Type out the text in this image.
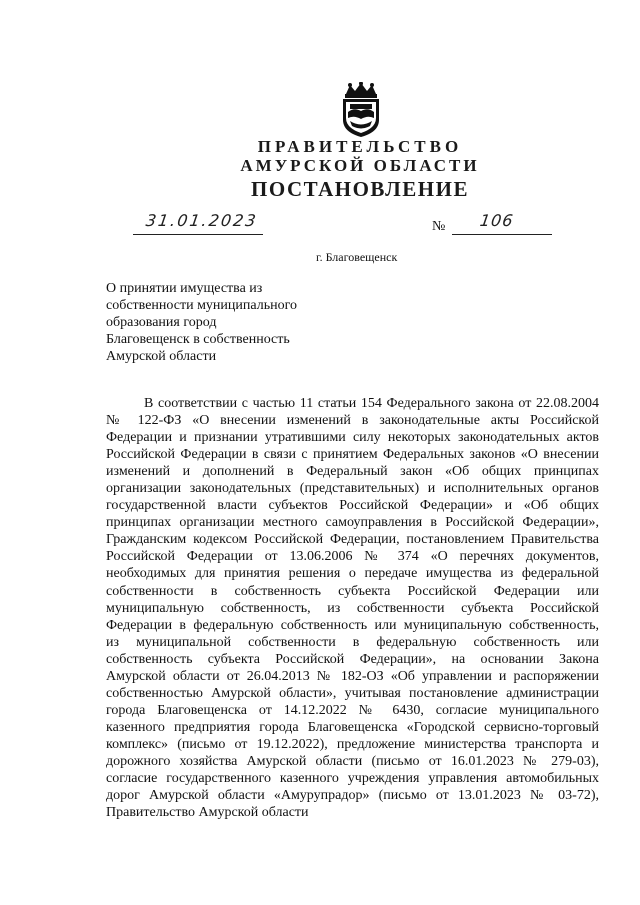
ПРАВИТЕЛЬСТВО
АМУРСКОЙ ОБЛАСТИ
ПОСТАНОВЛЕНИЕ
31.01.2023	№ 106
г. Благовещенск
О принятии имущества из
собственности муниципального
образования город
Благовещенск в собственность
Амурской области
В соответствии с частью 11 статьи 154 Федерального закона от 22.08.2004
№ 122-ФЗ «О внесении изменений в законодательные акты Российской
Федерации и признании утратившими силу некоторых законодательных актов
Российской Федерации в связи с принятием Федеральных законов «О внесении
изменений и дополнений в Федеральный закон «Об общих принципах
организации законодательных (представительных) и исполнительных органов
государственной власти субъектов Российской Федерации» и «Об общих
принципах организации местного самоуправления в Российской Федерации»,
Гражданским кодексом Российской Федерации, постановлением Правительства
Российской Федерации от 13.06.2006 № 374 «О перечнях документов,
необходимых для принятия решения о передаче имущества из федеральной
собственности в собственность субъекта Российской Федерации или
муниципальную собственность, из собственности субъекта Российской
Федерации в федеральную собственность или муниципальную собственность,
из муниципальной собственности в федеральную собственность или
собственность субъекта Российской Федерации», на основании Закона
Амурской области от 26.04.2013 № 182-ОЗ «Об управлении и распоряжении
собственностью Амурской области», учитывая постановление администрации
города Благовещенска от 14.12.2022 № 6430, согласие муниципального
казенного предприятия города Благовещенска «Городской сервисно-торговый
комплекс» (письмо от 19.12.2022), предложение министерства транспорта и
дорожного хозяйства Амурской области (письмо от 16.01.2023 № 279-03),
согласие государственного казенного учреждения управления автомобильных
дорог Амурской области «Амурупрадор» (письмо от 13.01.2023 № 03-72),
Правительство Амурской области
